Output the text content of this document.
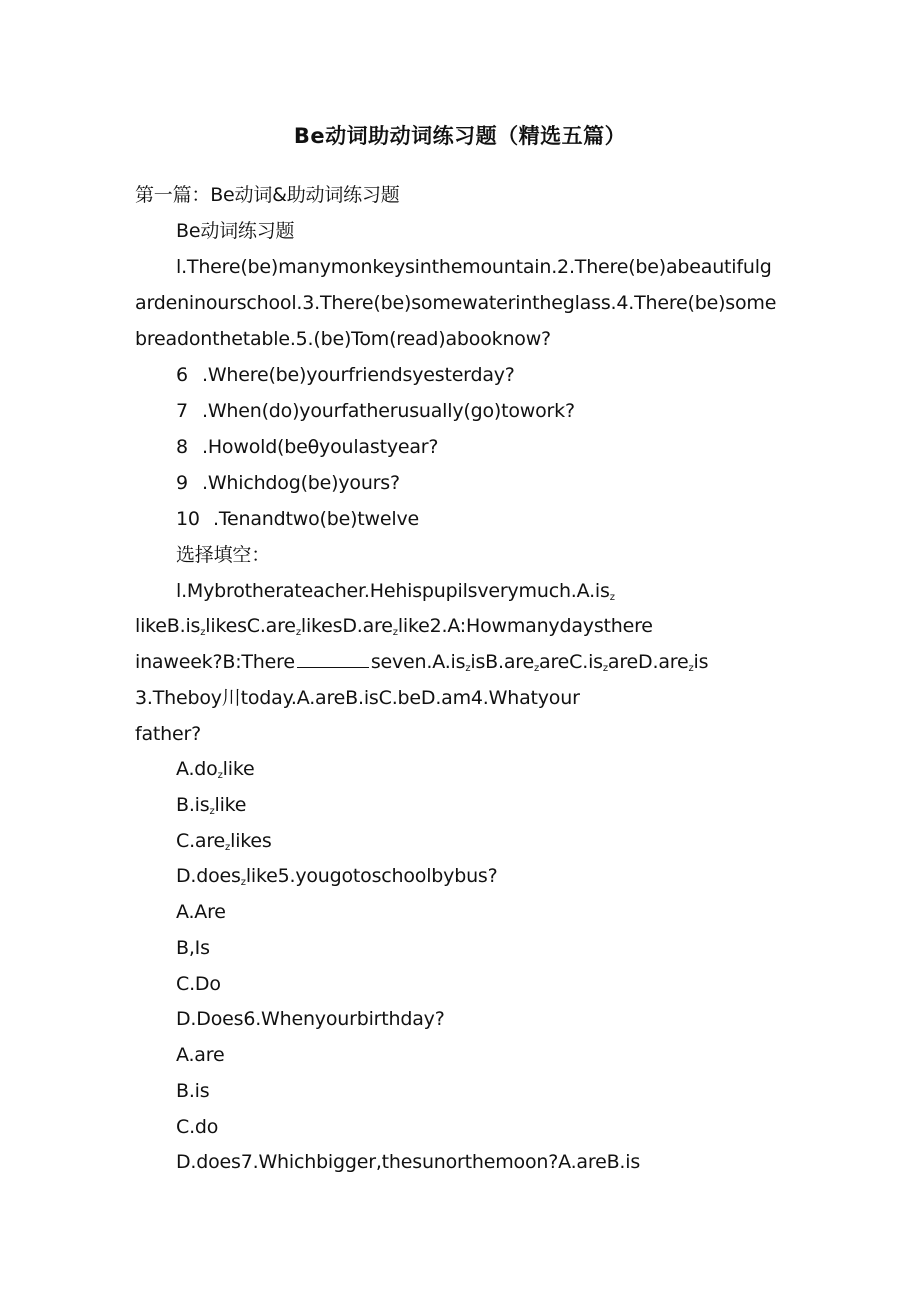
Be动词助动词练习题（精选五篇）
第一篇：Be动词&助动词练习题
Be动词练习题
l.There(be)manymonkeysinthemountain.2.There(be)abeautifulg
ardeninourschool.3.There(be)somewaterintheglass.4.There(be)some
breadonthetable.5.(be)Tom(read)abooknow?
6 .Where(be)yourfriendsyesterday?
7 .When(do)yourfatherusually(go)towork?
8 .Howold(beθyoulastyear?
9 .Whichdog(be)yours?
10 .Tenandtwo(be)twelve
选择填空：
$l.Mybrotherateacher.Hehispupilsverymuch.A.is_z$
$likeB.is_zlikesC.are_zlikesD.are_zlike2.A:Howmanydaysthere$
inaweek?B:There	$seven.A.is_zisB.are_zareC.is_zareD.are_zis$
3.Theboy川today.A.areB.isC.beD.am4.Whatyour
father?
$A.do_zlike$
$B.is_zlike$
C.are$_z$likes
D.does$_z$like5.yougotoschoolbybus?
A.Are
B,Is
C.Do
D.Does6.Whenyourbirthday?
A.are
B.is
C.do
D.does7.Whichbigger,thesunorthemoon?A.areB.is
